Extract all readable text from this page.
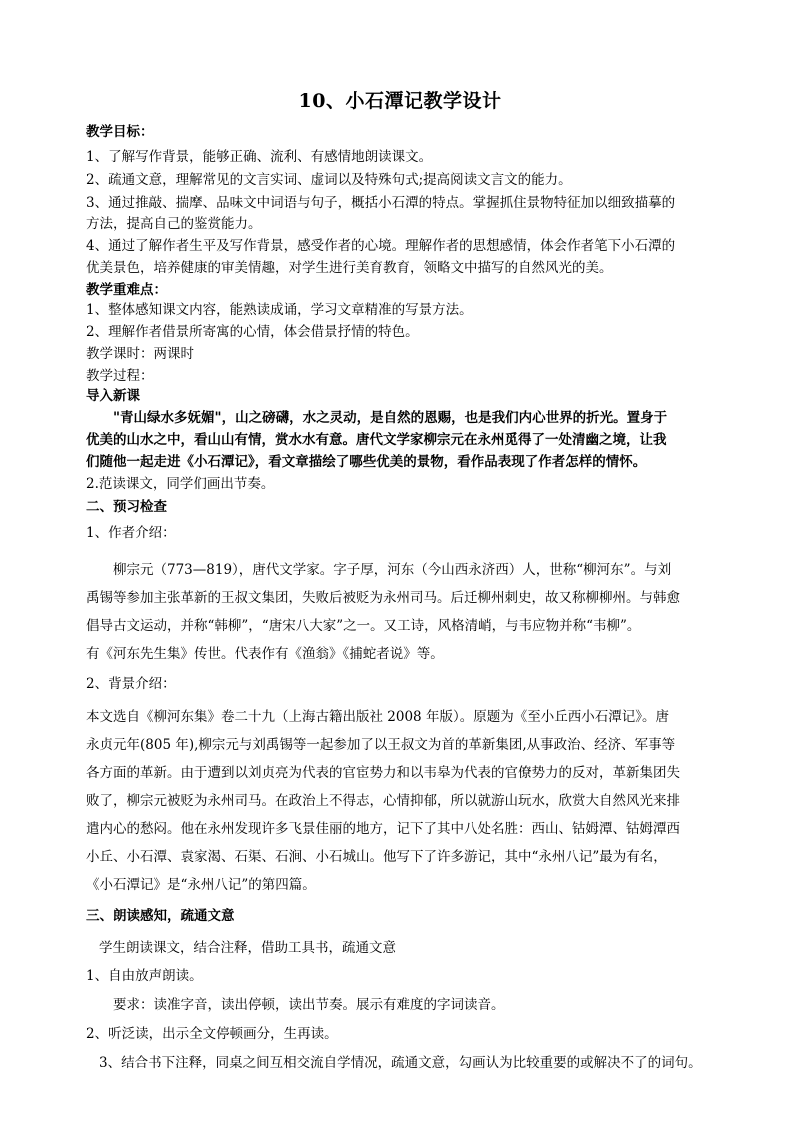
10、小石潭记教学设计
教学目标：
1、了解写作背景，能够正确、流利、有感情地朗读课文。
2、疏通文意，理解常见的文言实词、虚词以及特殊句式;提高阅读文言文的能力。
3、通过推敲、揣摩、品味文中词语与句子，概括小石潭的特点。掌握抓住景物特征加以细致描摹的
方法，提高自己的鉴赏能力。
4、通过了解作者生平及写作背景，感受作者的心境。理解作者的思想感情，体会作者笔下小石潭的
优美景色，培养健康的审美情趣，对学生进行美育教育，领略文中描写的自然风光的美。
教学重难点：
1、整体感知课文内容，能熟读成诵，学习文章精准的写景方法。
2、理解作者借景所寄寓的心情，体会借景抒情的特色。
教学课时：两课时
教学过程：
导入新课
"青山绿水多妩媚"，山之磅礴，水之灵动，是自然的恩赐，也是我们内心世界的折光。置身于
优美的山水之中，看山山有情，赏水水有意。唐代文学家柳宗元在永州觅得了一处清幽之境，让我
们随他一起走进《小石潭记》，看文章描绘了哪些优美的景物，看作品表现了作者怎样的情怀。
2.范读课文，同学们画出节奏。
二、预习检查
1、作者介绍：
柳宗元（773—819），唐代文学家。字子厚，河东（今山西永济西）人，世称“柳河东”。与刘
禹锡等参加主张革新的王叔文集团，失败后被贬为永州司马。后迁柳州刺史，故又称柳柳州。与韩愈
倡导古文运动，并称“韩柳”，“唐宋八大家”之一。又工诗，风格清峭，与韦应物并称“韦柳”。
有《河东先生集》传世。代表作有《渔翁》《捕蛇者说》等。
2、背景介绍：
本文选自《柳河东集》卷二十九（上海古籍出版社 2008 年版）。原题为《至小丘西小石潭记》。唐
永贞元年(805 年),柳宗元与刘禹锡等一起参加了以王叔文为首的革新集团,从事政治、经济、军事等
各方面的革新。由于遭到以刘贞亮为代表的官宦势力和以韦皋为代表的官僚势力的反对，革新集团失
败了，柳宗元被贬为永州司马。在政治上不得志，心情抑郁，所以就游山玩水，欣赏大自然风光来排
遣内心的愁闷。他在永州发现许多飞景佳丽的地方，记下了其中八处名胜：西山、钴姆潭、钴姆潭西
小丘、小石潭、袁家渴、石渠、石涧、小石城山。他写下了许多游记，其中“永州八记”最为有名，
《小石潭记》是“永州八记”的第四篇。
三、朗读感知，疏通文意
学生朗读课文，结合注释，借助工具书，疏通文意
1、自由放声朗读。
要求：读准字音，读出停顿，读出节奏。展示有难度的字词读音。
2、听泛读，出示全文停顿画分，生再读。
3、结合书下注释，同桌之间互相交流自学情况，疏通文意，勾画认为比较重要的或解决不了的词句。
